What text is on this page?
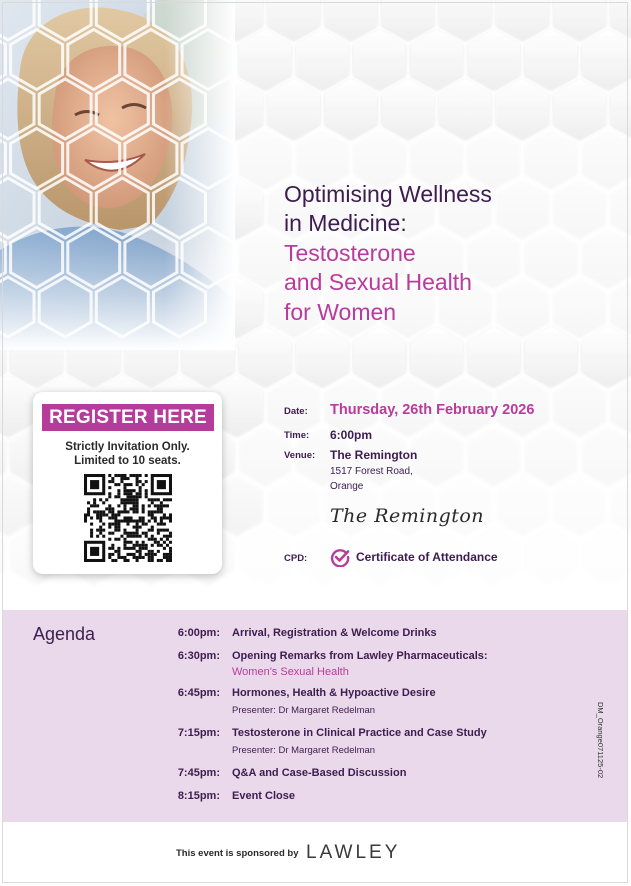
Optimising Wellness
in Medicine:
Testosterone
and Sexual Health
for Women
REGISTER HERE
Strictly Invitation Only.
Limited to 10 seats.
Date: Thursday, 26th February 2026
Time: 6:00pm
Venue: The Remington
1517 Forest Road,
Orange
The Remington
CPD:	Certificate of Attendance
Agenda	6:00pm: Arrival, Registration & Welcome Drinks
6:30pm: Opening Remarks from Lawley Pharmaceuticals:
Women's Sexual Health
6:45pm: Hormones, Health & Hypoactive Desire
Presenter: Dr Margaret Redelman
7:15pm: Testosterone in Clinical Practice and Case Study
Presenter: Dr Margaret Redelman
7:45pm: Q&A and Case-Based Discussion
8:15pm: Event Close
DM_Orange071125-02
This event is sponsored by LAWLEY
